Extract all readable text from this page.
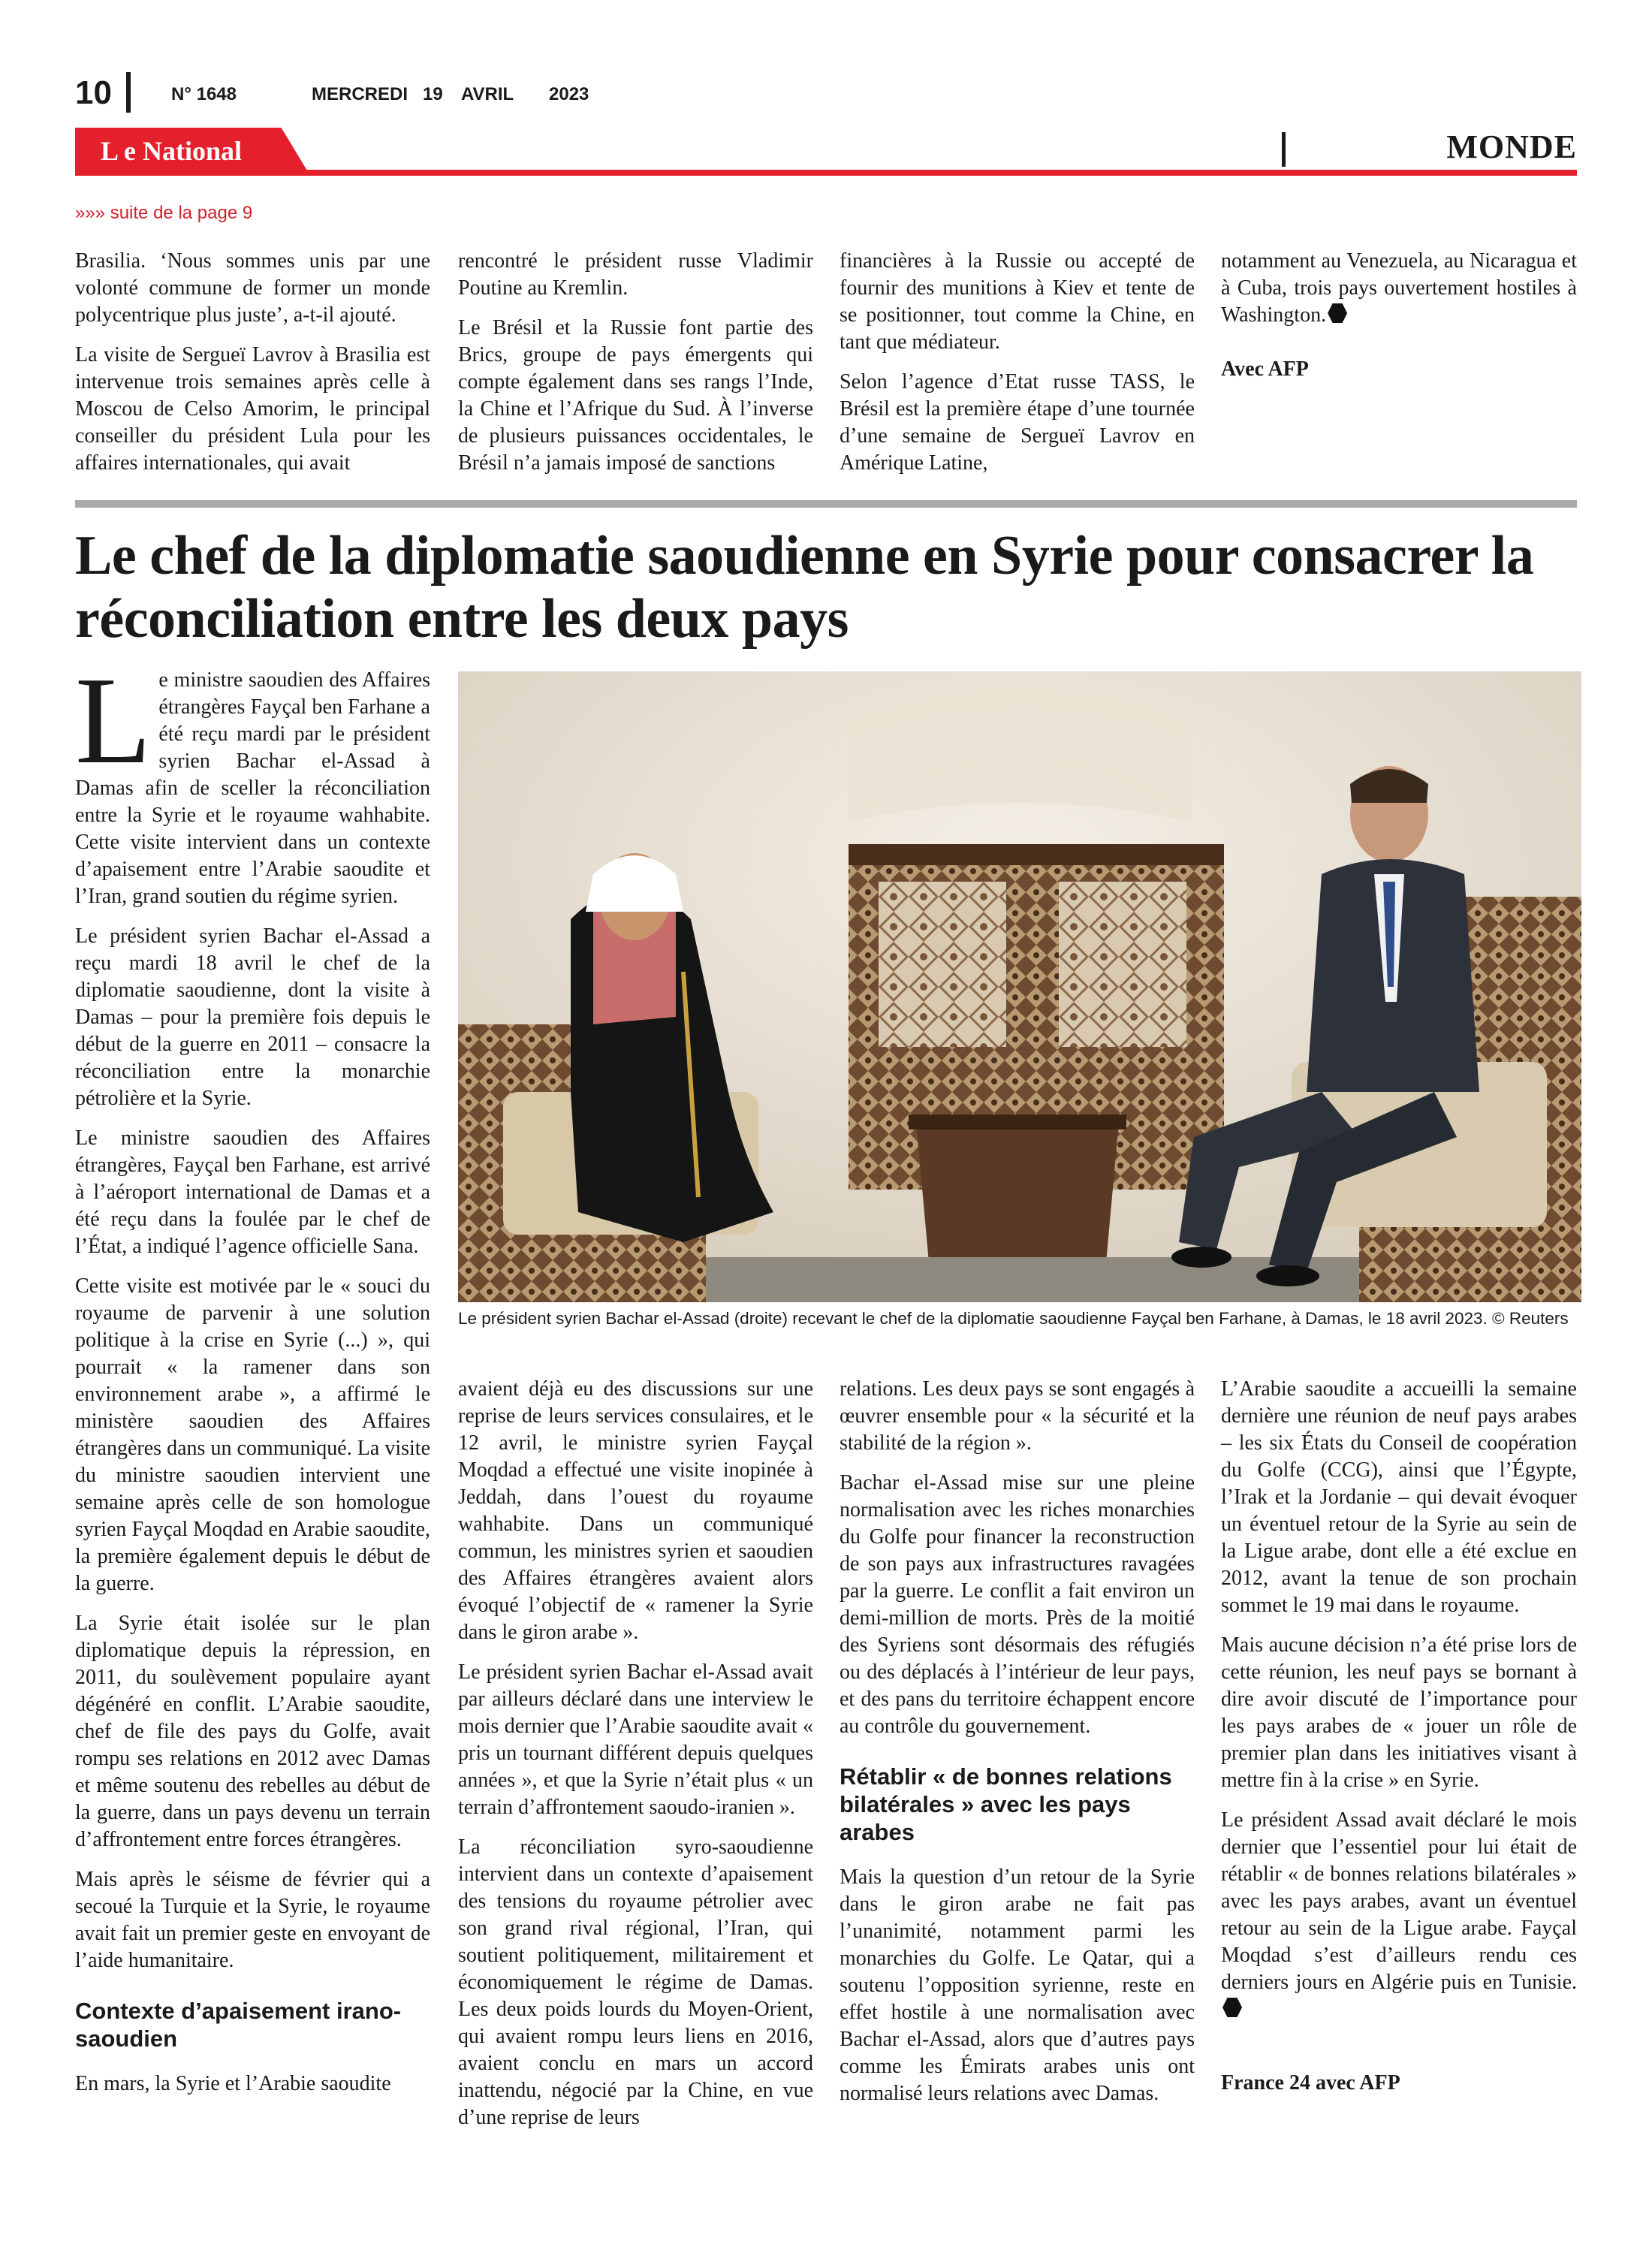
10	N° 1648	MERCREDI 19 AVRIL 2023
L e National	MONDE
»»» suite de la page 9

Brasilia. ‘Nous sommes unis par une volonté commune de former un monde polycentrique plus juste’, a-t-il ajouté.

La visite de Sergueï Lavrov à Brasilia est intervenue trois semaines après celle à Moscou de Celso Amorim, le principal conseiller du président Lula pour les affaires internationales, qui avait

rencontré le président russe Vladimir Poutine au Kremlin.

Le Brésil et la Russie font partie des Brics, groupe de pays émergents qui compte également dans ses rangs l’Inde, la Chine et l’Afrique du Sud. À l’inverse de plusieurs puissances occidentales, le Brésil n’a jamais imposé de sanctions

financières à la Russie ou accepté de fournir des munitions à Kiev et tente de se positionner, tout comme la Chine, en tant que médiateur.

Selon l’agence d’Etat russe TASS, le Brésil est la première étape d’une tournée d’une semaine de Sergueï Lavrov en Amérique Latine,

notamment au Venezuela, au Nicaragua et à Cuba, trois pays ouvertement hostiles à Washington.

Avec AFP

Le chef de la diplomatie saoudienne en Syrie pour consacrer la réconciliation entre les deux pays
Le président syrien Bachar el-Assad (droite) recevant le chef de la diplomatie saoudienne Fayçal ben Farhane, à Damas, le 18 avril 2023. © Reuters

Le ministre saoudien des Affaires étrangères Fayçal ben Farhane a été reçu mardi par le président syrien Bachar el-Assad à Damas afin de sceller la réconciliation entre la Syrie et le royaume wahhabite. Cette visite intervient dans un contexte d’apaisement entre l’Arabie saoudite et l’Iran, grand soutien du régime syrien.

Le président syrien Bachar el-Assad a reçu mardi 18 avril le chef de la diplomatie saoudienne, dont la visite à Damas – pour la première fois depuis le début de la guerre en 2011 – consacre la réconciliation entre la monarchie pétrolière et la Syrie.

Le ministre saoudien des Affaires étrangères, Fayçal ben Farhane, est arrivé à l’aéroport international de Damas et a été reçu dans la foulée par le chef de l’État, a indiqué l’agence officielle Sana.

Cette visite est motivée par le « souci du royaume de parvenir à une solution politique à la crise en Syrie (...) », qui pourrait « la ramener dans son environnement arabe », a affirmé le ministère saoudien des Affaires étrangères dans un communiqué. La visite du ministre saoudien intervient une semaine après celle de son homologue syrien Fayçal Moqdad en Arabie saoudite, la première également depuis le début de la guerre.

La Syrie était isolée sur le plan diplomatique depuis la répression, en 2011, du soulèvement populaire ayant dégénéré en conflit. L’Arabie saoudite, chef de file des pays du Golfe, avait rompu ses relations en 2012 avec Damas et même soutenu des rebelles au début de la guerre, dans un pays devenu un terrain d’affrontement entre forces étrangères.

Mais après le séisme de février qui a secoué la Turquie et la Syrie, le royaume avait fait un premier geste en envoyant de l’aide humanitaire.

Contexte d’apaisement irano-saoudien

En mars, la Syrie et l’Arabie saoudite

avaient déjà eu des discussions sur une reprise de leurs services consulaires, et le 12 avril, le ministre syrien Fayçal Moqdad a effectué une visite inopinée à Jeddah, dans l’ouest du royaume wahhabite. Dans un communiqué commun, les ministres syrien et saoudien des Affaires étrangères avaient alors évoqué l’objectif de « ramener la Syrie dans le giron arabe ».

Le président syrien Bachar el-Assad avait par ailleurs déclaré dans une interview le mois dernier que l’Arabie saoudite avait « pris un tournant différent depuis quelques années », et que la Syrie n’était plus « un terrain d’affrontement saoudo-iranien ».

La réconciliation syro-saoudienne intervient dans un contexte d’apaisement des tensions du royaume pétrolier avec son grand rival régional, l’Iran, qui soutient politiquement, militairement et économiquement le régime de Damas. Les deux poids lourds du Moyen-Orient, qui avaient rompu leurs liens en 2016, avaient conclu en mars un accord inattendu, négocié par la Chine, en vue d’une reprise de leurs

relations. Les deux pays se sont engagés à œuvrer ensemble pour « la sécurité et la stabilité de la région ».

Bachar el-Assad mise sur une pleine normalisation avec les riches monarchies du Golfe pour financer la reconstruction de son pays aux infrastructures ravagées par la guerre. Le conflit a fait environ un demi-million de morts. Près de la moitié des Syriens sont désormais des réfugiés ou des déplacés à l’intérieur de leur pays, et des pans du territoire échappent encore au contrôle du gouvernement.

Rétablir « de bonnes relations bilatérales » avec les pays arabes

Mais la question d’un retour de la Syrie dans le giron arabe ne fait pas l’unanimité, notamment parmi les monarchies du Golfe. Le Qatar, qui a soutenu l’opposition syrienne, reste en effet hostile à une normalisation avec Bachar el-Assad, alors que d’autres pays comme les Émirats arabes unis ont normalisé leurs relations avec Damas.

L’Arabie saoudite a accueilli la semaine dernière une réunion de neuf pays arabes – les six États du Conseil de coopération du Golfe (CCG), ainsi que l’Égypte, l’Irak et la Jordanie – qui devait évoquer un éventuel retour de la Syrie au sein de la Ligue arabe, dont elle a été exclue en 2012, avant la tenue de son prochain sommet le 19 mai dans le royaume.

Mais aucune décision n’a été prise lors de cette réunion, les neuf pays se bornant à dire avoir discuté de l’importance pour les pays arabes de « jouer un rôle de premier plan dans les initiatives visant à mettre fin à la crise » en Syrie.

Le président Assad avait déclaré le mois dernier que l’essentiel pour lui était de rétablir « de bonnes relations bilatérales » avec les pays arabes, avant un éventuel retour au sein de la Ligue arabe. Fayçal Moqdad s’est d’ailleurs rendu ces derniers jours en Algérie puis en Tunisie.

France 24 avec AFP
